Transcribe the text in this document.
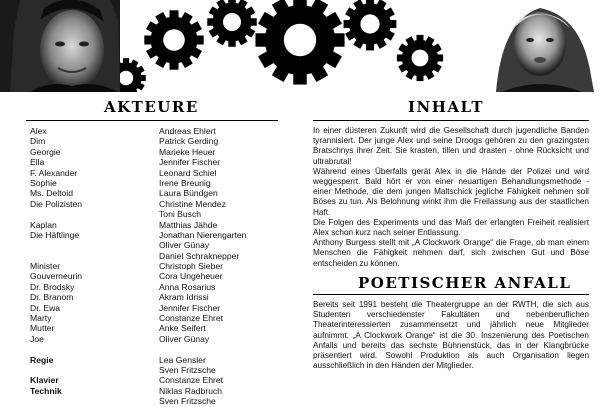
AKTEURE	INHALT
POETISCHER ANFALL
Alex	Andreas Ehlert
Dim	Patrick Gerding
Georgie	Marieke Heuer
Ella	Jennifer Fischer
F. Alexander	Leonard Schiel
Sophie	Irene Breunig
Ms. Deltoid	Laura Bündgen
Die Polizisten	Christine Mendez
Toni Busch
Kaplan	Matthias Jähde
Die Häftlinge	Jonathan Nierengarten
Oliver Günay
Daniel Schraknepper
Minister	Christoph Sieber
Gouverneurin	Cora Ungeheuer
Dr. Brodsky	Anna Rosarius
Dr. Branom	Akram Idrissi
Dr. Ewa	Jennifer Fischer
Marty	Constanze Ehret
Mutter	Anke Seifert
Joe	Oliver Günay
Regie	Lea Gensler
Sven Fritzsche
Klavier	Constanze Ehret
Technik	Niklas Radbruch
Sven Fritzsche

In einer düsteren Zukunft wird die Gesellschaft durch jugendliche Banden tyrannisiert. Der junge Alex und seine Droogs gehören zu den grazingsten Bratschnys ihrer Zeit. Sie krasten, tillen und drasten - ohne Rücksicht und ultrabrutal!

Während eines Überfalls gerät Alex in die Hände der Polizei und wird weggesperrt. Bald hört er von einer neuartigen Behandlungsmethode - einer Methode, die dem jungen Maltschick jegliche Fähigkeit nehmen soll Böses zu tun. Als Belohnung winkt ihm die Freilassung aus der staatlichen Haft.

Die Folgen des Experiments und das Maß der erlangten Freiheit realisiert Alex schon kurz nach seiner Entlassung.

Anthony Burgess stellt mit „A Clockwork Orange“ die Frage, ob man einem Menschen die Fähigkeit nehmen darf, sich zwischen Gut und Böse entscheiden zu können.

Bereits seit 1991 besteht die Theatergruppe an der RWTH, die sich aus Studenten verschiedenster Fakultäten und nebenberuflichen Theaterinteressierten zusammensetzt und jährlich neue Mitglieder aufnimmt. „A Clockwork Orange“ ist die 30. Inszenierung des Poetischen Anfalls und bereits das sechste Bühnenstück, das in der Klangbrücke präsentiert wird. Sowohl Produktion als auch Organisation liegen ausschließlich in den Händen der Mitglieder.
